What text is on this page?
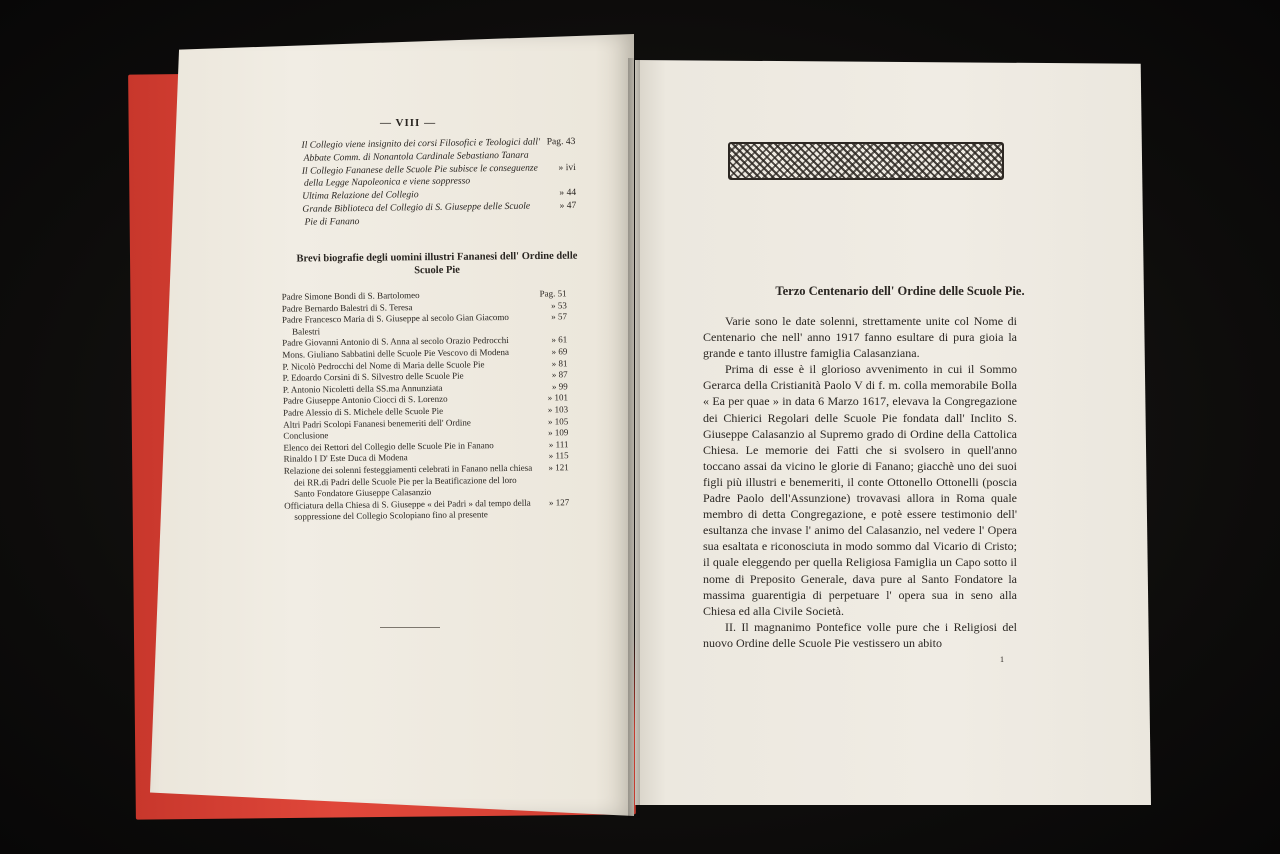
— VIII —
Il Collegio viene insignito dei corsi Filosofici e Teologici dall' Abbate Comm. di Nonantola Cardinale Sebastiano Tanara
Pag. 43
Il Collegio Fananese delle Scuole Pie subisce le conseguenze della Legge Napoleonica e viene soppresso
» ivi
Ultima Relazione del Collegio	» 44
Grande Biblioteca del Collegio di S. Giuseppe delle Scuole Pie di Fanano
» 47
Brevi biografie degli uomini illustri Fananesi dell' Ordine delle Scuole Pie
Padre Simone Bondi di S. Bartolomeo	Pag. 51
Padre Bernardo Balestri di S. Teresa	» 53
Padre Francesco Maria di S. Giuseppe al secolo Gian Giacomo Balestri
» 57
Padre Giovanni Antonio di S. Anna al secolo Orazio Pedrocchi	» 61
Mons. Giuliano Sabbatini delle Scuole Pie Vescovo di Modena	» 69
P. Nicolò Pedrocchi del Nome di Maria delle Scuole Pie	» 81
P. Edoardo Corsini di S. Silvestro delle Scuole Pie	» 87
P. Antonio Nicoletti della SS.ma Annunziata	» 99
Padre Giuseppe Antonio Ciocci di S. Lorenzo	» 101
Padre Alessio di S. Michele delle Scuole Pie	» 103
Altri Padri Scolopi Fananesi benemeriti dell' Ordine	» 105
Conclusione	» 109
Elenco dei Rettori del Collegio delle Scuole Pie in Fanano	» 111
Rinaldo I D' Este Duca di Modena	» 115
Relazione dei solenni festeggiamenti celebrati in Fanano nella chiesa dei RR.di Padri delle Scuole Pie per la Beatificazione del loro Santo Fondatore Giuseppe Calasanzio
» 121
Officiatura della Chiesa di S. Giuseppe « dei Padri » dal tempo della soppressione del Collegio Scolopiano fino al presente
» 127
Terzo Centenario dell' Ordine delle Scuole Pie.

Varie sono le date solenni, strettamente unite col Nome di Centenario che nell' anno 1917 fanno esultare di pura gioia la grande e tanto illustre famiglia Calasanziana.

Prima di esse è il glorioso avvenimento in cui il Sommo Gerarca della Cristianità Paolo V di f. m. colla memorabile Bolla « Ea per quae » in data 6 Marzo 1617, elevava la Congregazione dei Chierici Regolari delle Scuole Pie fondata dall' Inclito S. Giuseppe Calasanzio al Supremo grado di Ordine della Cattolica Chiesa. Le memorie dei Fatti che si svolsero in quell'anno toccano assai da vicino le glorie di Fanano; giacchè uno dei suoi figli più illustri e benemeriti, il conte Ottonello Ottonelli (poscia Padre Paolo dell'Assunzione) trovavasi allora in Roma quale membro di detta Congregazione, e potè essere testimonio dell' esultanza che invase l' animo del Calasanzio, nel vedere l' Opera sua esaltata e riconosciuta in modo sommo dal Vicario di Cristo; il quale eleggendo per quella Religiosa Famiglia un Capo sotto il nome di Preposito Generale, dava pure al Santo Fondatore la massima guarentigia di perpetuare l' opera sua in seno alla Chiesa ed alla Civile Società.

II. Il magnanimo Pontefice volle pure che i Religiosi del nuovo Ordine delle Scuole Pie vestissero un abito

1
